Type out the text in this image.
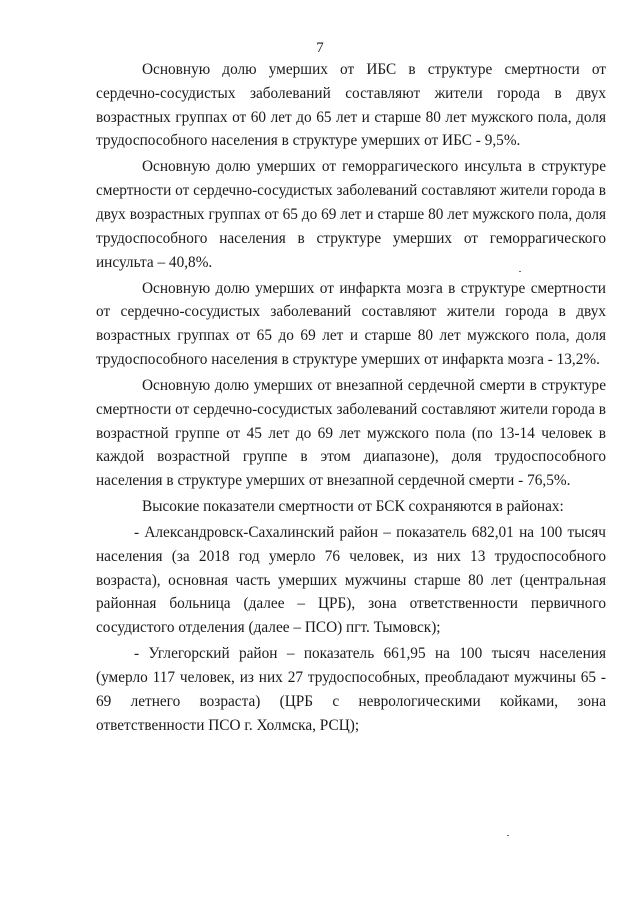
7

Основную долю умерших от ИБС в структуре смертности от сердечно-сосудистых заболеваний составляют жители города в двух возрастных группах от 60 лет до 65 лет и старше 80 лет мужского пола, доля трудоспособного населения в структуре умерших от ИБС - 9,5%.

Основную долю умерших от геморрагического инсульта в структуре смертности от сердечно-сосудистых заболеваний составляют жители города в двух возрастных группах от 65 до 69 лет и старше 80 лет мужского пола, доля трудоспособного населения в структуре умерших от геморрагического инсульта – 40,8%.

Основную долю умерших от инфаркта мозга в структуре смертности от сердечно-сосудистых заболеваний составляют жители города в двух возрастных группах от 65 до 69 лет и старше 80 лет мужского пола, доля трудоспособного населения в структуре умерших от инфаркта мозга - 13,2%.

Основную долю умерших от внезапной сердечной смерти в структуре смертности от сердечно-сосудистых заболеваний составляют жители города в возрастной группе от 45 лет до 69 лет мужского пола (по 13-14 человек в каждой возрастной группе в этом диапазоне), доля трудоспособного населения в структуре умерших от внезапной сердечной смерти - 76,5%.

Высокие показатели смертности от БСК сохраняются в районах:

- Александровск-Сахалинский район – показатель 682,01 на 100 тысяч населения (за 2018 год умерло 76 человек, из них 13 трудоспособного возраста), основная часть умерших мужчины старше 80 лет (центральная районная больница (далее – ЦРБ), зона ответственности первичного сосудистого отделения (далее – ПСО) пгт. Тымовск);

- Углегорский район – показатель 661,95 на 100 тысяч населения (умерло 117 человек, из них 27 трудоспособных, преобладают мужчины 65 - 69 летнего возраста) (ЦРБ с неврологическими койками, зона ответственности ПСО г. Холмска, РСЦ);
